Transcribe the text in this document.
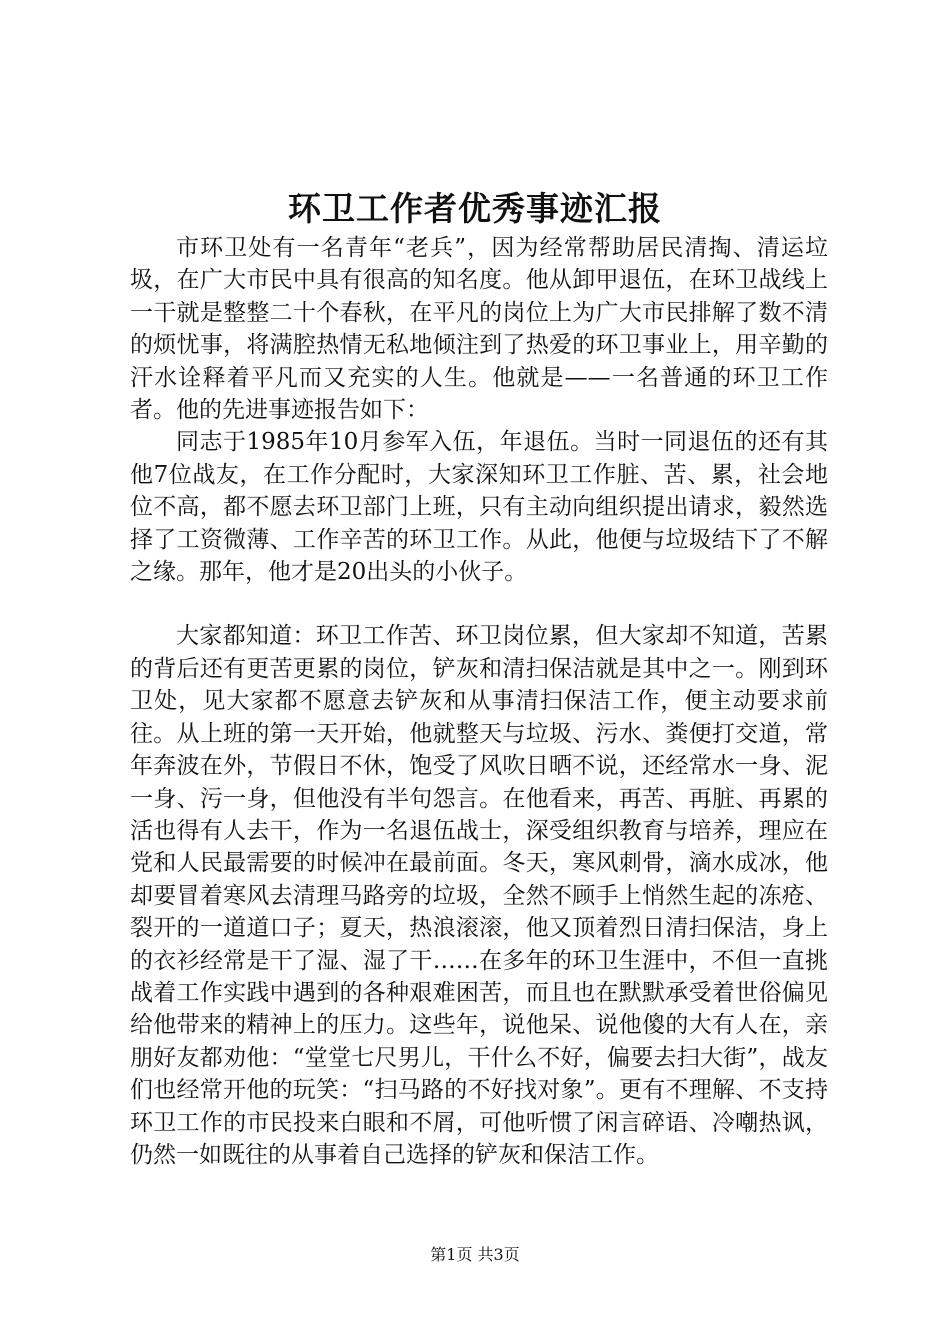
环卫工作者优秀事迹汇报

市环卫处有一名青年“老兵”，因为经常帮助居民清掏、清运垃圾，在广大市民中具有很高的知名度。他从卸甲退伍，在环卫战线上一干就是整整二十个春秋，在平凡的岗位上为广大市民排解了数不清的烦忧事，将满腔热情无私地倾注到了热爱的环卫事业上，用辛勤的汗水诠释着平凡而又充实的人生。他就是——一名普通的环卫工作者。他的先进事迹报告如下：

同志于1985年10月参军入伍，年退伍。当时一同退伍的还有其他7位战友，在工作分配时，大家深知环卫工作脏、苦、累，社会地位不高，都不愿去环卫部门上班，只有主动向组织提出请求，毅然选择了工资微薄、工作辛苦的环卫工作。从此，他便与垃圾结下了不解之缘。那年，他才是20出头的小伙子。

大家都知道：环卫工作苦、环卫岗位累，但大家却不知道，苦累的背后还有更苦更累的岗位，铲灰和清扫保洁就是其中之一。刚到环卫处，见大家都不愿意去铲灰和从事清扫保洁工作，便主动要求前往。从上班的第一天开始，他就整天与垃圾、污水、粪便打交道，常年奔波在外，节假日不休，饱受了风吹日晒不说，还经常水一身、泥一身、污一身，但他没有半句怨言。在他看来，再苦、再脏、再累的活也得有人去干，作为一名退伍战士，深受组织教育与培养，理应在党和人民最需要的时候冲在最前面。冬天，寒风刺骨，滴水成冰，他却要冒着寒风去清理马路旁的垃圾，全然不顾手上悄然生起的冻疮、裂开的一道道口子；夏天，热浪滚滚，他又顶着烈日清扫保洁，身上的衣衫经常是干了湿、湿了干……在多年的环卫生涯中，不但一直挑战着工作实践中遇到的各种艰难困苦，而且也在默默承受着世俗偏见给他带来的精神上的压力。这些年，说他呆、说他傻的大有人在，亲朋好友都劝他：“堂堂七尺男儿，干什么不好，偏要去扫大街”，战友们也经常开他的玩笑：“扫马路的不好找对象”。更有不理解、不支持环卫工作的市民投来白眼和不屑，可他听惯了闲言碎语、冷嘲热讽，仍然一如既往的从事着自己选择的铲灰和保洁工作。

第1页 共3页
